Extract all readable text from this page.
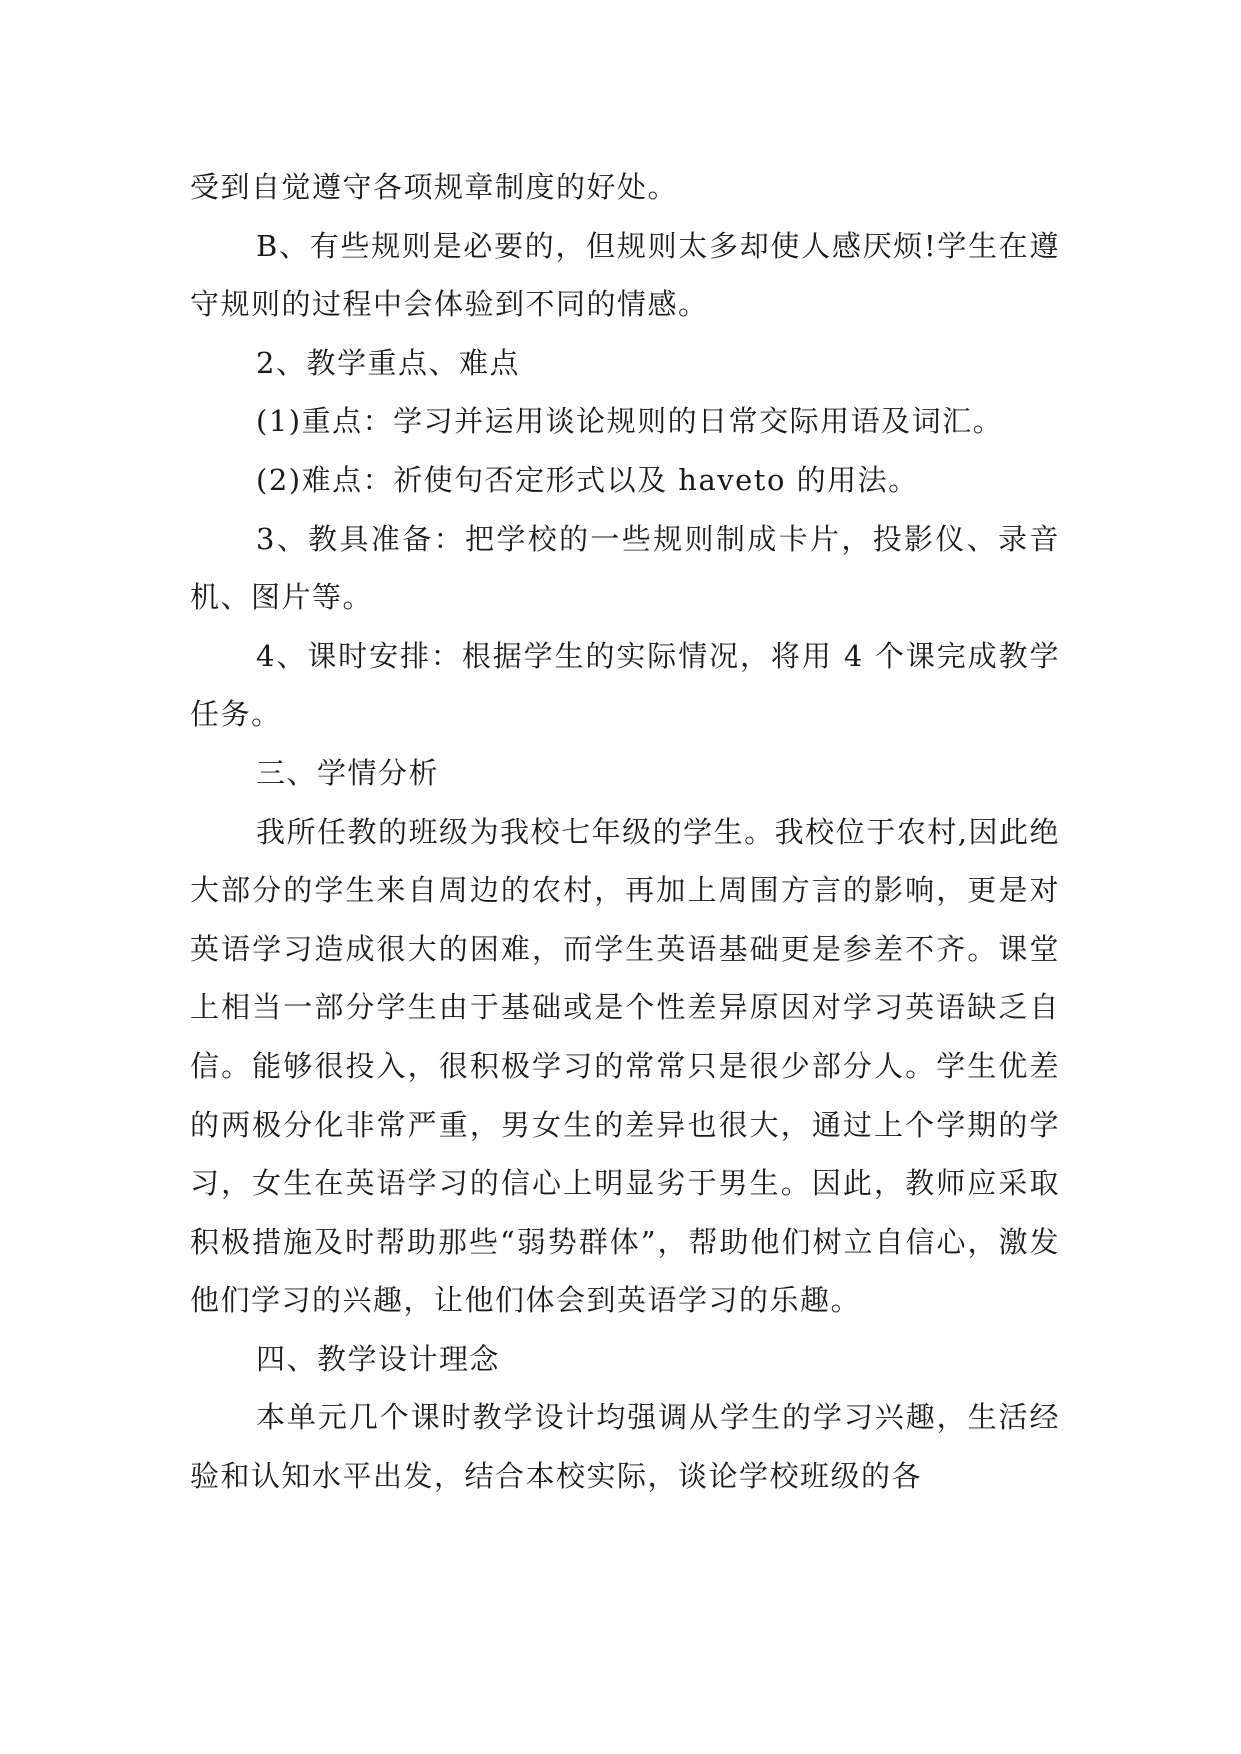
受到自觉遵守各项规章制度的好处。

B、有些规则是必要的，但规则太多却使人感厌烦!学生在遵守规则的过程中会体验到不同的情感。

2、教学重点、难点

(1)重点：学习并运用谈论规则的日常交际用语及词汇。

(2)难点：祈使句否定形式以及 haveto 的用法。

3、教具准备：把学校的一些规则制成卡片，投影仪、录音机、图片等。

4、课时安排：根据学生的实际情况，将用 4 个课完成教学任务。

三、学情分析

我所任教的班级为我校七年级的学生。我校位于农村,因此绝大部分的学生来自周边的农村，再加上周围方言的影响，更是对英语学习造成很大的困难，而学生英语基础更是参差不齐。课堂上相当一部分学生由于基础或是个性差异原因对学习英语缺乏自信。能够很投入，很积极学习的常常只是很少部分人。学生优差的两极分化非常严重，男女生的差异也很大，通过上个学期的学习，女生在英语学习的信心上明显劣于男生。因此，教师应采取积极措施及时帮助那些“弱势群体”，帮助他们树立自信心，激发他们学习的兴趣，让他们体会到英语学习的乐趣。

四、教学设计理念

本单元几个课时教学设计均强调从学生的学习兴趣，生活经验和认知水平出发，结合本校实际，谈论学校班级的各
